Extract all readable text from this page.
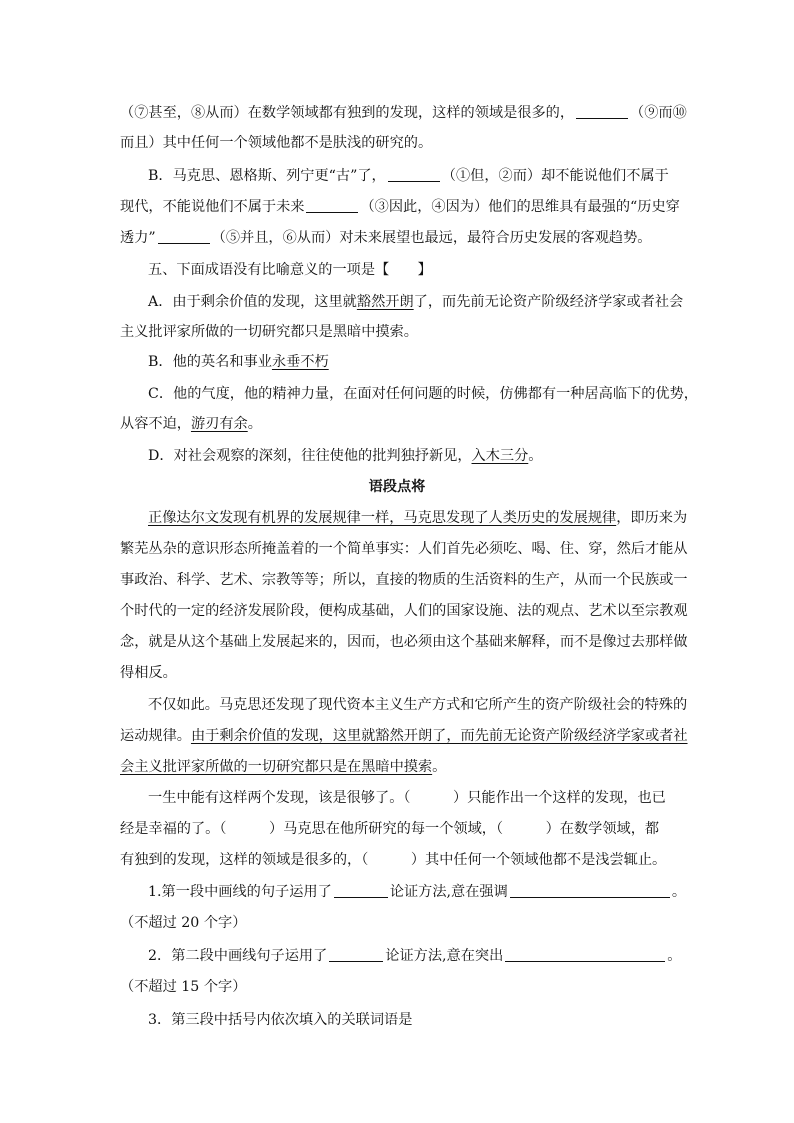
（⑦甚至，⑧从而）在数学领域都有独到的发现，这样的领域是很多的，	（⑨而⑩
而且）其中任何一个领域他都不是肤浅的研究的。
B．马克思、恩格斯、列宁更“古”了，	（①但，②而）却不能说他们不属于
现代，不能说他们不属于未来	（③因此，④因为）他们的思维具有最强的“历史穿
透力”	（⑤并且，⑥从而）对未来展望也最远，最符合历史发展的客观趋势。
五、下面成语没有比喻意义的一项是【　　】
A．由于剩余价值的发现，这里就豁然开朗了，而先前无论资产阶级经济学家或者社会
主义批评家所做的一切研究都只是黑暗中摸索。
B．他的英名和事业永垂不朽
C．他的气度，他的精神力量，在面对任何问题的时候，仿佛都有一种居高临下的优势，
从容不迫，游刃有余。
D．对社会观察的深刻，往往使他的批判独抒新见，入木三分。
语段点将
正像达尔文发现有机界的发展规律一样，马克思发现了人类历史的发展规律，即历来为
繁芜丛杂的意识形态所掩盖着的一个简单事实：人们首先必须吃、喝、住、穿，然后才能从
事政治、科学、艺术、宗教等等；所以，直接的物质的生活资料的生产，从而一个民族或一
个时代的一定的经济发展阶段，便构成基础，人们的国家设施、法的观点、艺术以至宗教观
念，就是从这个基础上发展起来的，因而，也必须由这个基础来解释，而不是像过去那样做
得相反。
不仅如此。马克思还发现了现代资本主义生产方式和它所产生的资产阶级社会的特殊的
运动规律。由于剩余价值的发现，这里就豁然开朗了，而先前无论资产阶级经济学家或者社
会主义批评家所做的一切研究都只是在黑暗中摸索。
一生中能有这样两个发现，该是很够了。（　　　）只能作出一个这样的发现，也已
经是幸福的了。（　　　）马克思在他所研究的每一个领域，（　　　）在数学领域，都
有独到的发现，这样的领域是很多的，（　　　）其中任何一个领域他都不是浅尝辄止。
1.第一段中画线的句子运用了	论证方法,意在强调	。
（不超过 20 个字）
2．第二段中画线句子运用了	论证方法,意在突出	。
（不超过 15 个字）
3．第三段中括号内依次填入的关联词语是
